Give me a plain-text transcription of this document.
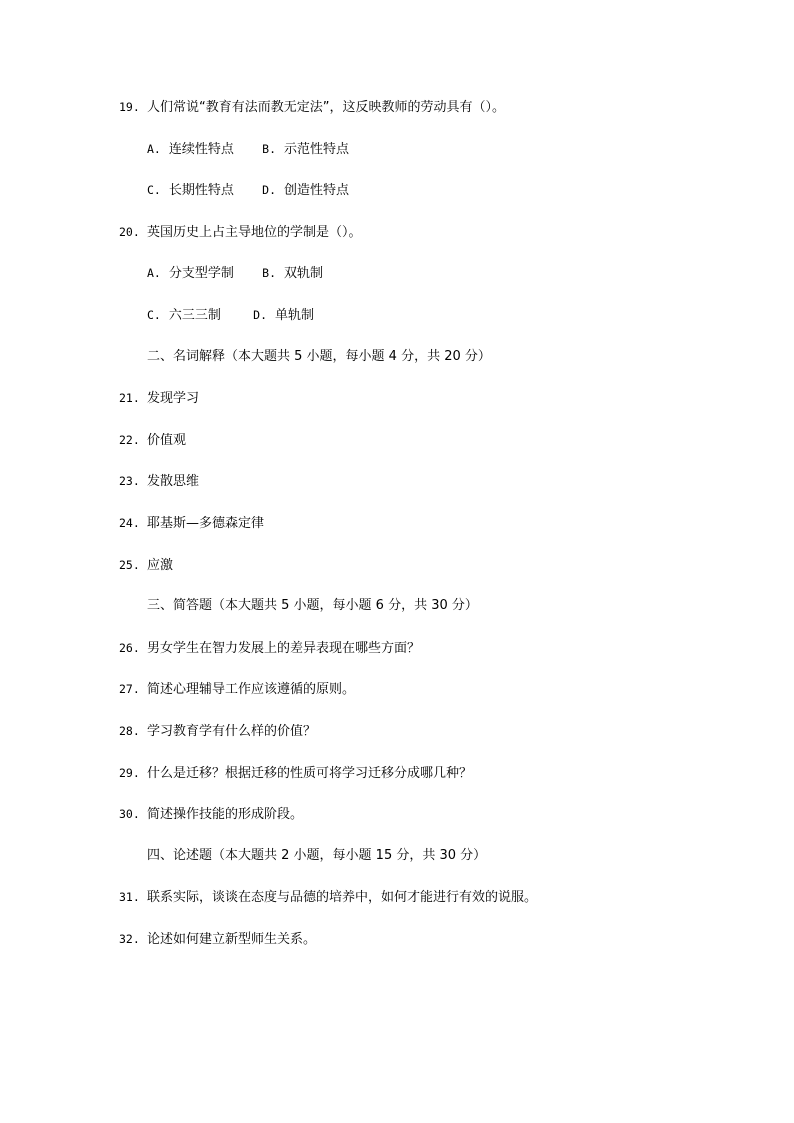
19. 人们常说“教育有法而教无定法”，这反映教师的劳动具有（）。
A. 连续性特点 B. 示范性特点
C. 长期性特点 D. 创造性特点
20. 英国历史上占主导地位的学制是（）。
A. 分支型学制 B. 双轨制
C. 六三三制	D. 单轨制
二、名词解释（本大题共 5 小题，每小题 4 分，共 20 分）
21. 发现学习
22. 价值观
23. 发散思维
24. 耶基斯—多德森定律
25. 应激
三、简答题（本大题共 5 小题，每小题 6 分，共 30 分）
26. 男女学生在智力发展上的差异表现在哪些方面？
27. 简述心理辅导工作应该遵循的原则。
28. 学习教育学有什么样的价值？
29. 什么是迁移？根据迁移的性质可将学习迁移分成哪几种？
30. 简述操作技能的形成阶段。
四、论述题（本大题共 2 小题，每小题 15 分，共 30 分）
31. 联系实际，谈谈在态度与品德的培养中，如何才能进行有效的说服。
32. 论述如何建立新型师生关系。
